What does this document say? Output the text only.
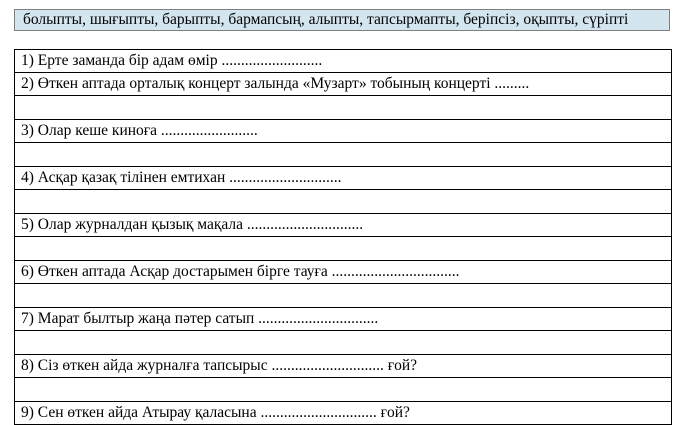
болыпты, шығыпты, барыпты, бармапсың, алыпты, тапсырмапты, беріпсіз, оқыпты, сүріпті
1) Ерте заманда бір адам өмір ..........................
2) Өткен аптада орталық концерт залында «Музарт» тобының концерті .........

3) Олар кеше киноға .........................

4) Асқар қазақ тілінен емтихан .............................

5) Олар журналдан қызық мақала ..............................

6) Өткен аптада Асқар достарымен бірге тауға .................................

7) Марат былтыр жаңа пәтер сатып ...............................

8) Сіз өткен айда журналға тапсырыс ............................. ғой?

9) Сен өткен айда Атырау қаласына .............................. ғой?
